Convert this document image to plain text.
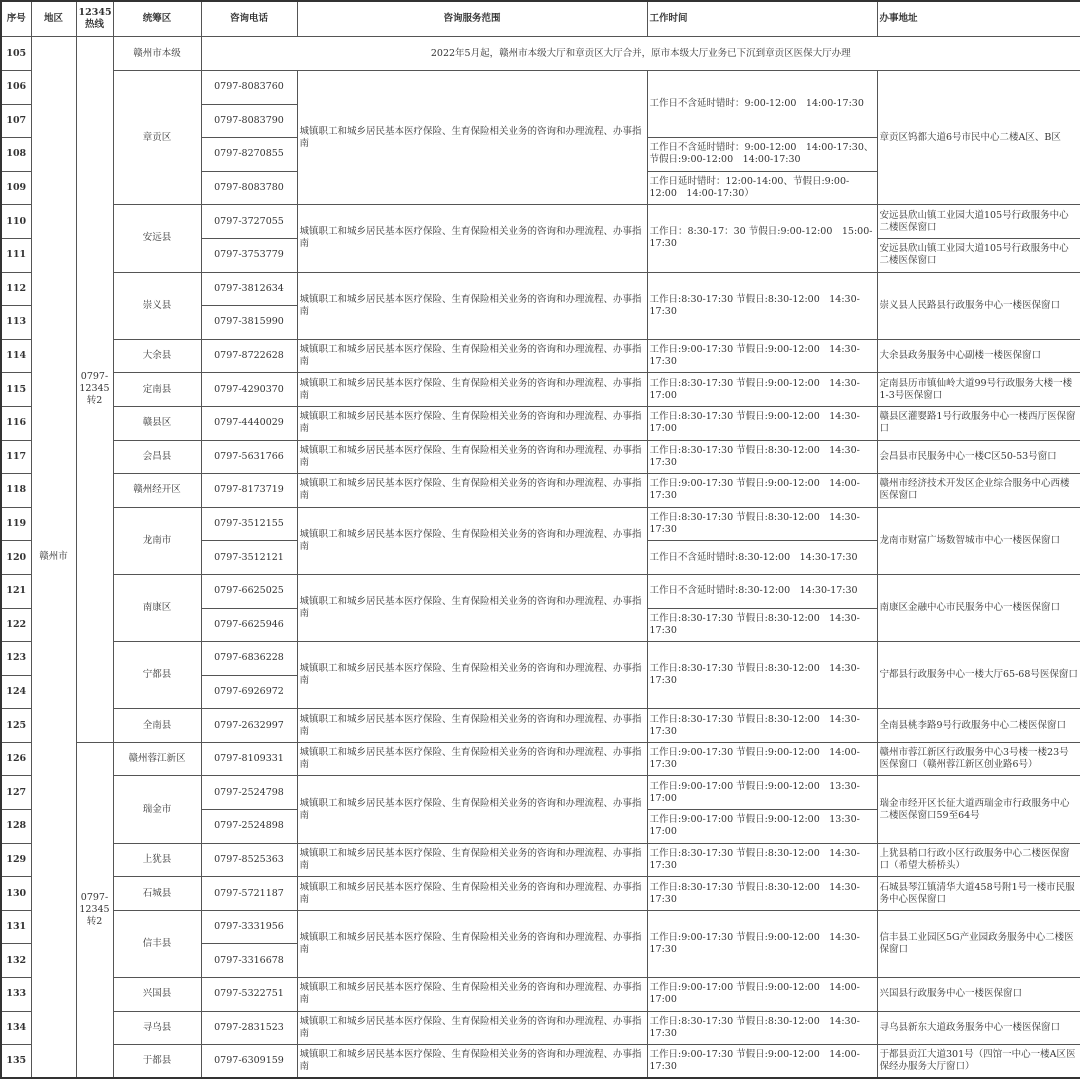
序号	地区	12345热线	统筹区	咨询电话	咨询服务范围	工作时间	办事地址
105	赣州市	0797-12345转2	赣州市本级	2022年5月起，赣州市本级大厅和章贡区大厅合并，原市本级大厅业务已下沉到章贡区医保大厅办理			
106			章贡区	0797-8083760	城镇职工和城乡居民基本医疗保险、生育保险相关业务的咨询和办理流程、办事指南	工作日不含延时错时：9:00-12:00　14:00-17:30	章贡区钨都大道6号市民中心二楼A区、B区
107				0797-8083790			
108				0797-8270855		工作日不含延时错时：9:00-12:00　14:00-17:30、节假日:9:00-12:00　14:00-17:30	
109				0797-8083780		工作日延时错时：12:00-14:00、节假日:9:00-12:00　14:00-17:30）	
110			安远县	0797-3727055	城镇职工和城乡居民基本医疗保险、生育保险相关业务的咨询和办理流程、办事指南	工作日：8:30-17：30 节假日:9:00-12:00　15:00-17:30	安远县欣山镇工业园大道105号行政服务中心二楼医保窗口
111				0797-3753779			安远县欣山镇工业园大道105号行政服务中心二楼医保窗口
112			崇义县	0797-3812634	城镇职工和城乡居民基本医疗保险、生育保险相关业务的咨询和办理流程、办事指南	工作日:8:30-17:30 节假日:8:30-12:00　14:30-17:30	崇义县人民路县行政服务中心一楼医保窗口
113				0797-3815990			
114			大余县	0797-8722628	城镇职工和城乡居民基本医疗保险、生育保险相关业务的咨询和办理流程、办事指南	工作日:9:00-17:30 节假日:9:00-12:00　14:30-17:30	大余县政务服务中心副楼一楼医保窗口
115			定南县	0797-4290370	城镇职工和城乡居民基本医疗保险、生育保险相关业务的咨询和办理流程、办事指南	工作日:8:30-17:30 节假日:9:00-12:00　14:30-17:00	定南县历市镇仙岭大道99号行政服务大楼一楼1-3号医保窗口
116			赣县区	0797-4440029	城镇职工和城乡居民基本医疗保险、生育保险相关业务的咨询和办理流程、办事指南	工作日:8:30-17:30 节假日:9:00-12:00　14:30-17:00	赣县区灌婴路1号行政服务中心一楼西厅医保窗口
117			会昌县	0797-5631766	城镇职工和城乡居民基本医疗保险、生育保险相关业务的咨询和办理流程、办事指南	工作日:8:30-17:30 节假日:8:30-12:00　14:30-17:30	会昌县市民服务中心一楼C区50-53号窗口
118			赣州经开区	0797-8173719	城镇职工和城乡居民基本医疗保险、生育保险相关业务的咨询和办理流程、办事指南	工作日:9:00-17:30 节假日:9:00-12:00　14:00-17:30	赣州市经济技术开发区企业综合服务中心西楼医保窗口
119			龙南市	0797-3512155	城镇职工和城乡居民基本医疗保险、生育保险相关业务的咨询和办理流程、办事指南	工作日:8:30-17:30 节假日:8:30-12:00　14:30-17:30	龙南市财富广场数智城市中心一楼医保窗口
120				0797-3512121		工作日不含延时错时:8:30-12:00　14:30-17:30	
121			南康区	0797-6625025	城镇职工和城乡居民基本医疗保险、生育保险相关业务的咨询和办理流程、办事指南	工作日不含延时错时:8:30-12:00　14:30-17:30	南康区金融中心市民服务中心一楼医保窗口
122				0797-6625946		工作日:8:30-17:30 节假日:8:30-12:00　14:30-17:30	
123			宁都县	0797-6836228	城镇职工和城乡居民基本医疗保险、生育保险相关业务的咨询和办理流程、办事指南	工作日:8:30-17:30 节假日:8:30-12:00　14:30-17:30	宁都县行政服务中心一楼大厅65-68号医保窗口
124				0797-6926972			
125			全南县	0797-2632997	城镇职工和城乡居民基本医疗保险、生育保险相关业务的咨询和办理流程、办事指南	工作日:8:30-17:30 节假日:8:30-12:00　14:30-17:30	全南县桃李路9号行政服务中心二楼医保窗口
126		0797-12345转2	赣州蓉江新区	0797-8109331	城镇职工和城乡居民基本医疗保险、生育保险相关业务的咨询和办理流程、办事指南	工作日:9:00-17:30 节假日:9:00-12:00　14:00-17:30	赣州市蓉江新区行政服务中心3号楼一楼23号医保窗口（赣州蓉江新区创业路6号）
127			瑞金市	0797-2524798	城镇职工和城乡居民基本医疗保险、生育保险相关业务的咨询和办理流程、办事指南	工作日:9:00-17:00 节假日:9:00-12:00　13:30-17:00	瑞金市经开区长征大道西瑞金市行政服务中心二楼医保窗口59至64号
128				0797-2524898		工作日:9:00-17:00 节假日:9:00-12:00　13:30-17:00	
129			上犹县	0797-8525363	城镇职工和城乡居民基本医疗保险、生育保险相关业务的咨询和办理流程、办事指南	工作日:8:30-17:30 节假日:8:30-12:00　14:30-17:30	上犹县稍口行政小区行政服务中心二楼医保窗口（希望大桥桥头）
130			石城县	0797-5721187	城镇职工和城乡居民基本医疗保险、生育保险相关业务的咨询和办理流程、办事指南	工作日:8:30-17:30 节假日:8:30-12:00　14:30-17:30	石城县琴江镇清华大道458号附1号一楼市民服务中心医保窗口
131			信丰县	0797-3331956	城镇职工和城乡居民基本医疗保险、生育保险相关业务的咨询和办理流程、办事指南	工作日:9:00-17:30 节假日:9:00-12:00　14:30-17:30	信丰县工业园区5G产业园政务服务中心二楼医保窗口
132				0797-3316678			
133			兴国县	0797-5322751	城镇职工和城乡居民基本医疗保险、生育保险相关业务的咨询和办理流程、办事指南	工作日:9:00-17:00 节假日:9:00-12:00　14:00-17:00	兴国县行政服务中心一楼医保窗口
134			寻乌县	0797-2831523	城镇职工和城乡居民基本医疗保险、生育保险相关业务的咨询和办理流程、办事指南	工作日:8:30-17:30 节假日:8:30-12:00　14:30-17:30	寻乌县新东大道政务服务中心一楼医保窗口
135			于都县	0797-6309159	城镇职工和城乡居民基本医疗保险、生育保险相关业务的咨询和办理流程、办事指南	工作日:9:00-17:30 节假日:9:00-12:00　14:00-17:30	于都县贡江大道301号（四馆一中心一楼A区医保经办服务大厅窗口）
